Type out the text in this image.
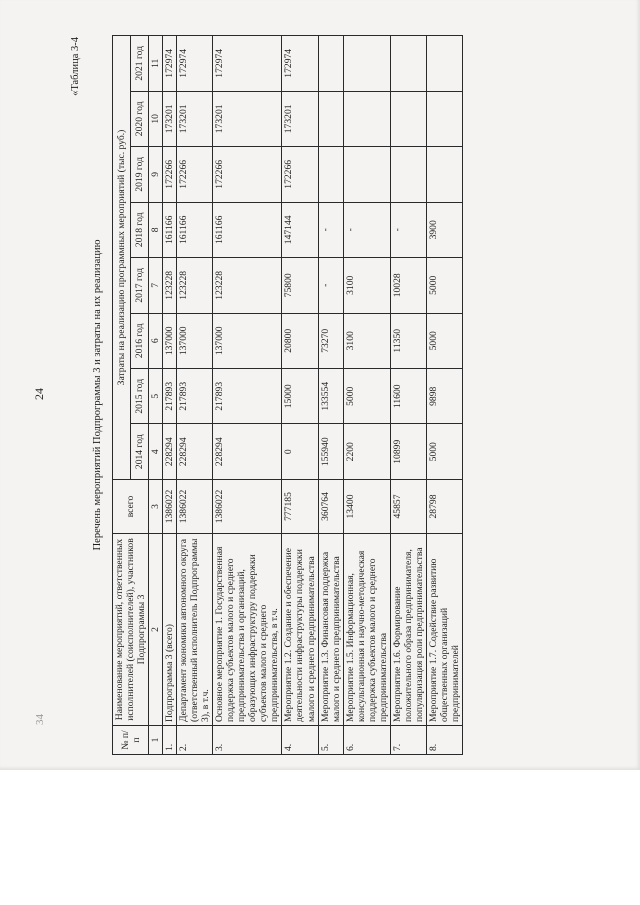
34
24
«Таблица 3-4
Перечень мероприятий Подпрограммы 3 и затраты на их реализацию
№ п/п	Наименование мероприятий, ответственных исполнителей (соисполнителей), участников Подпрограммы 3	всего	Затраты на реализацию программных мероприятий (тыс. руб.)							
			2014 год	2015 год	2016 год	2017 год	2018 год	2019 год	2020 год	2021 год
1	2	3	4	5	6	7	8	9	10	11
1.	Подпрограмма 3 (всего)	1386022	228294	217893	137000	123228	161166	172266	173201	172974
2.	Департамент экономики автономного округа (ответственный исполнитель Подпрограммы 3), в т.ч.	1386022	228294	217893	137000	123228	161166	172266	173201	172974
3.	Основное мероприятие 1. Государственная поддержка субъектов малого и среднего предпринимательства и организаций, образующих инфраструктуру поддержки субъектов малого и среднего предпринимательства, в т.ч.	1386022	228294	217893	137000	123228	161166	172266	173201	172974
4.	Мероприятие 1.2. Создание и обеспечение деятельности инфраструктуры поддержки малого и среднего предпринимательства	777185	0	15000	20800	75800	147144	172266	173201	172974
5.	Мероприятие 1.3. Финансовая поддержка малого и среднего предпринимательства	360764	155940	133554	73270	-	-			
6.	Мероприятие 1.5. Информационная, консультационная и научно-методическая поддержка субъектов малого и среднего предпринимательства	13400	2200	5000	3100	3100	-			
7.	Мероприятие 1.6. Формирование положительного образа предпринимателя, популяризация роли предпринимательства	45857	10899	11600	11350	10028	-			
8.	Мероприятие 1.7. Содействие развитию общественных организаций предпринимателей	28798	5000	9898	5000	5000	3900			
